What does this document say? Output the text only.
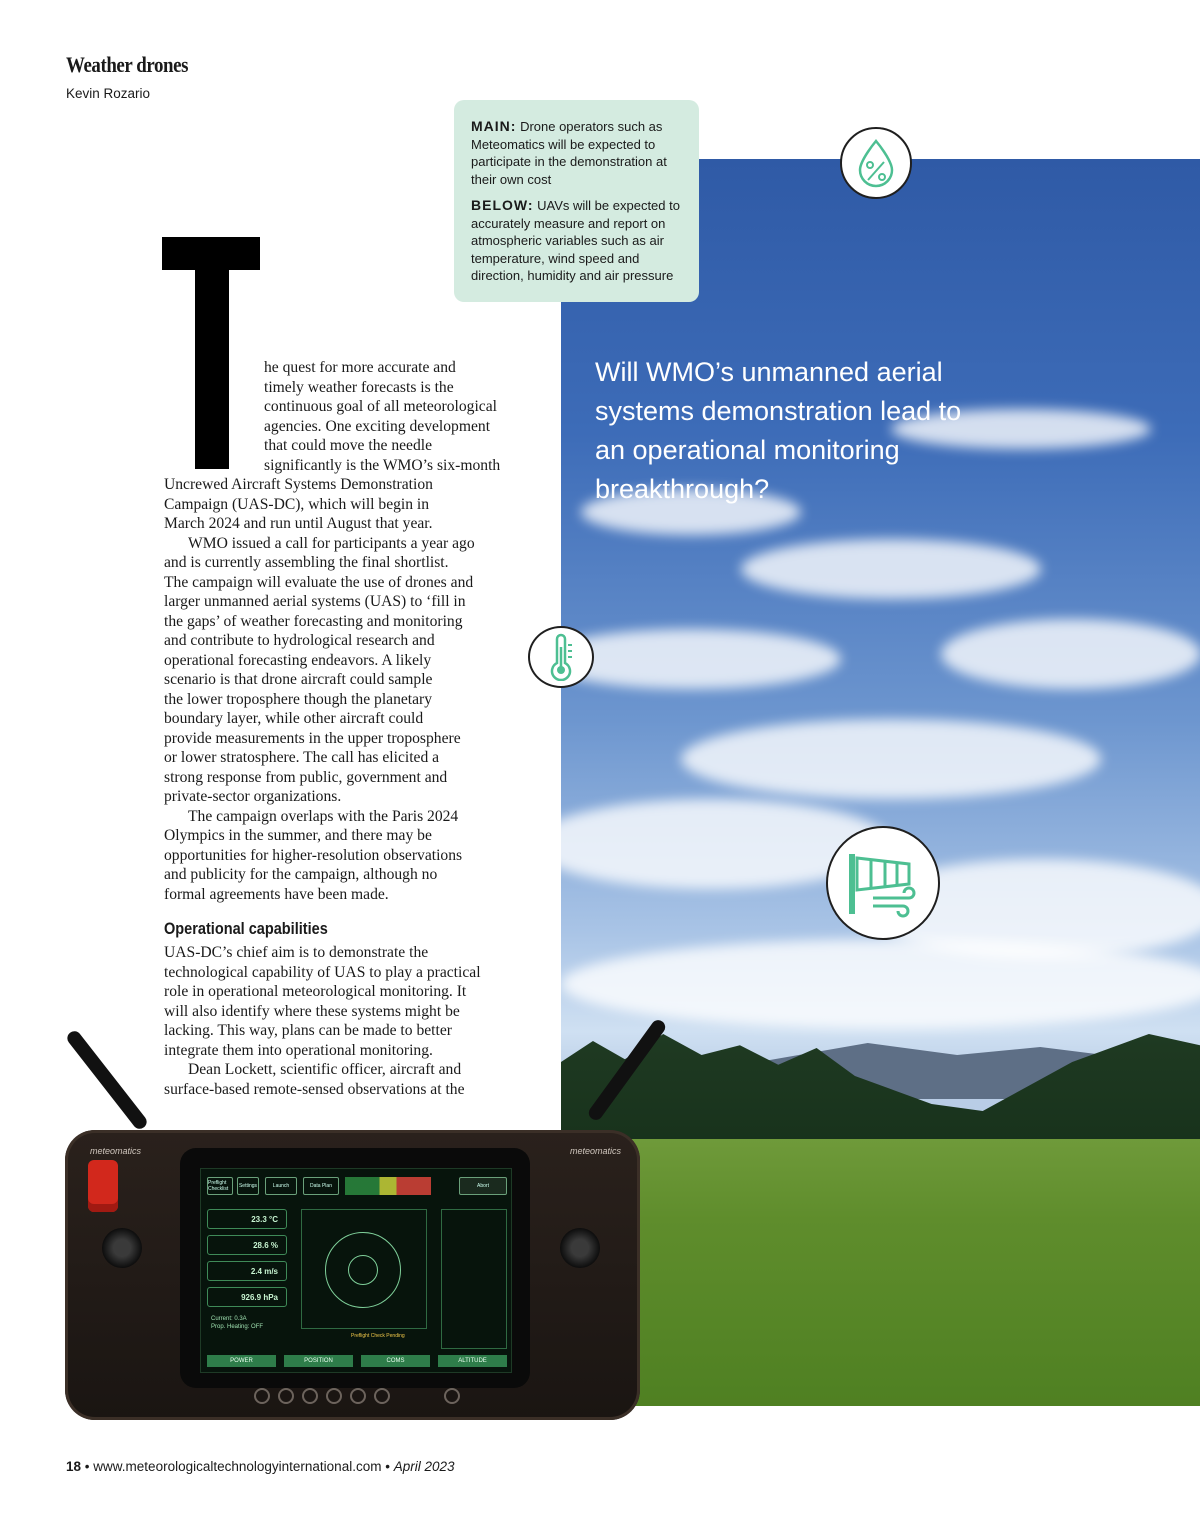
Weather drones
Kevin Rozario
Will WMO’s unmanned aerial systems demonstration lead to an operational monitoring breakthrough?

MAIN: Drone operators such as Meteomatics will be expected to participate in the demonstration at their own cost

BELOW: UAVs will be expected to accurately measure and report on atmospheric variables such as air temperature, wind speed and direction, humidity and air pressure

he quest for more accurate and
timely weather forecasts is the
continuous goal of all meteorological
agencies. One exciting development
that could move the needle
significantly is the WMO’s six-month
Uncrewed Aircraft Systems Demonstration
Campaign (UAS-DC), which will begin in
March 2024 and run until August that year.
WMO issued a call for participants a year ago
and is currently assembling the final shortlist.
The campaign will evaluate the use of drones and
larger unmanned aerial systems (UAS) to ‘fill in
the gaps’ of weather forecasting and monitoring
and contribute to hydrological research and
operational forecasting endeavors. A likely
scenario is that drone aircraft could sample
the lower troposphere though the planetary
boundary layer, while other aircraft could
provide measurements in the upper troposphere
or lower stratosphere. The call has elicited a
strong response from public, government and
private-sector organizations.
The campaign overlaps with the Paris 2024
Olympics in the summer, and there may be
opportunities for higher-resolution observations
and publicity for the campaign, although no
formal agreements have been made.
Operational capabilities
UAS-DC’s chief aim is to demonstrate the
technological capability of UAS to play a practical
role in operational meteorological monitoring. It
will also identify where these systems might be
lacking. This way, plans can be made to better
integrate them into operational monitoring.
Dean Lockett, scientific officer, aircraft and
surface-based remote-sensed observations at the
meteomatics	meteomatics
Preflight Checklist	Settings	Launch	Data Plan	Abort
23.3 °C
28.6 %
2.4 m/s
926.9 hPa
Current: 0.3A
Prop. Heating: OFF
Preflight Check Pending
POWER	POSITION	COMS	ALTITUDE
18 • www.meteorologicaltechnologyinternational.com • April 2023
